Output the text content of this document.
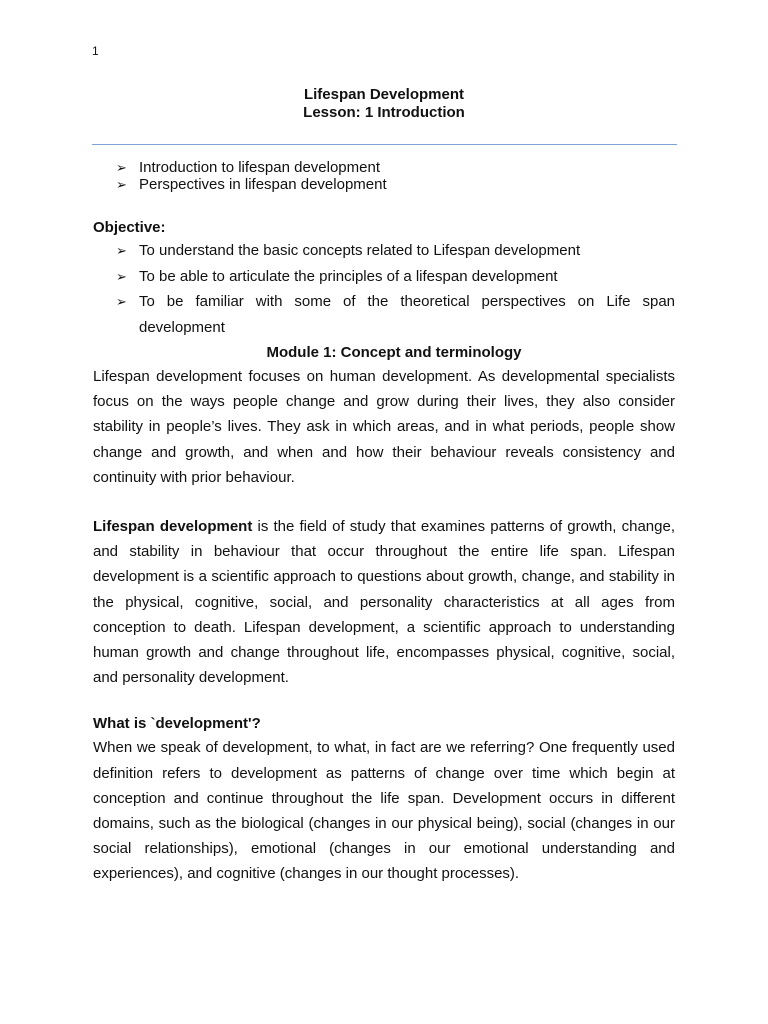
1
Lifespan Development
Lesson: 1 Introduction
➢ Introduction to lifespan development
➢ Perspectives in lifespan development
Objective:
➢ To understand the basic concepts related to Lifespan development
➢ To be able to articulate the principles of a lifespan development
➢ To be familiar with some of the theoretical perspectives on Life span development
Module 1: Concept and terminology

Lifespan development focuses on human development. As developmental specialists focus on the ways people change and grow during their lives, they also consider stability in people’s lives. They ask in which areas, and in what periods, people show change and growth, and when and how their behaviour reveals consistency and continuity with prior behaviour.

Lifespan development is the field of study that examines patterns of growth, change, and stability in behaviour that occur throughout the entire life span. Lifespan development is a scientific approach to questions about growth, change, and stability in the physical, cognitive, social, and personality characteristics at all ages from conception to death. Lifespan development, a scientific approach to understanding human growth and change throughout life, encompasses physical, cognitive, social, and personality development.

What is `development'?

When we speak of development, to what, in fact are we referring? One frequently used definition refers to development as patterns of change over time which begin at conception and continue throughout the life span. Development occurs in different domains, such as the biological (changes in our physical being), social (changes in our social relationships), emotional (changes in our emotional understanding and experiences), and cognitive (changes in our thought processes).
